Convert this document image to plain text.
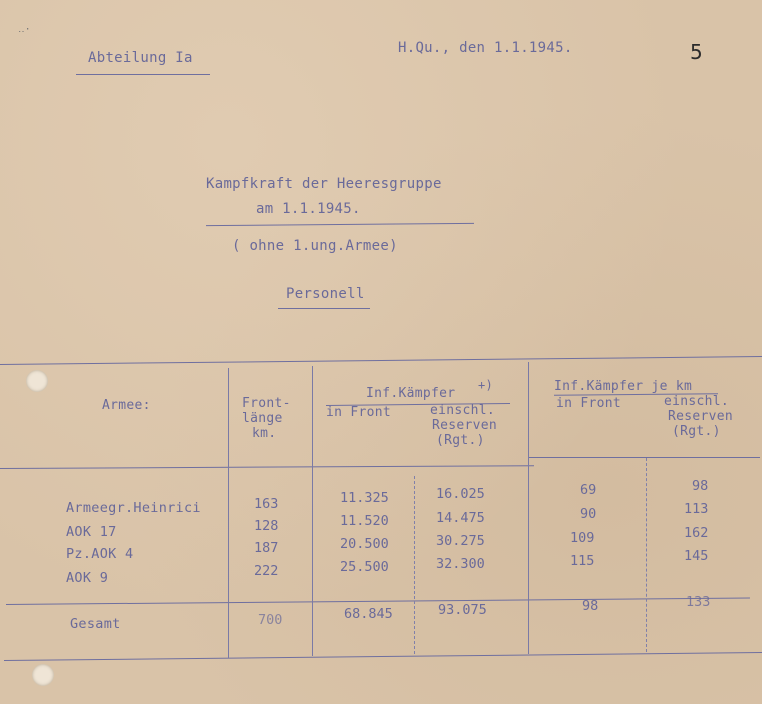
‥·
5
Abteilung Ia
H.Qu., den 1.1.1945.
Kampfkraft der Heeresgruppe
am 1.1.1945.
( ohne 1.ung.Armee)
Personell
Armee:	Front-
länge
km.
Inf.Kämpfer
+)
in Front	einschl.
Reserven
(Rgt.)
Inf.Kämpfer je km
in Front	einschl.
Reserven
(Rgt.)
Armeegr.Heinrici	163	11.325	16.025	69	98
AOK 17	128	11.520	14.475	90	113
Pz.AOK 4	187	20.500	30.275	109	162
AOK 9	222	25.500	32.300	115	145
Gesamt	700	68.845	93.075	98	133
